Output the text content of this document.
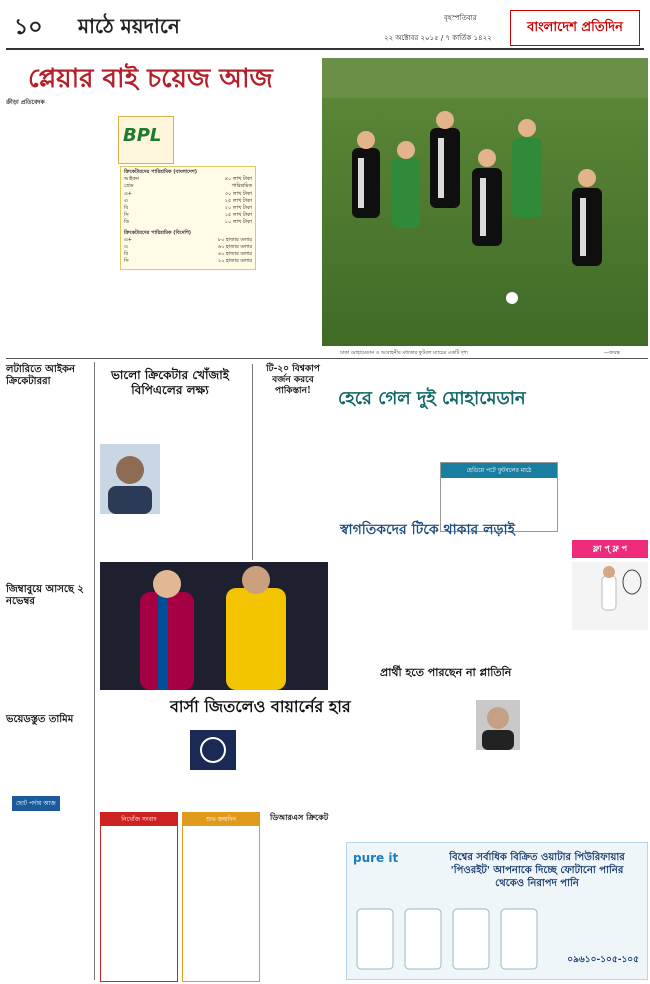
১০ মাঠে ময়দানে	বৃহস্পতিবার
২২ অক্টোবর ২০১৫ / ৭ কার্তিক ১৪২২
বাংলাদেশ প্রতিদিন
প্লেয়ার বাই চয়েজ আজ
ক্রীড়া প্রতিবেদক
BPL
ক্রিকেটারদের পারিশ্রমিক (বাংলাদেশ)
আইকন	৪০ লাখ টাকা
গ্রেড	পারিশ্রমিক
এ+	৩০ লাখ টাকা
এ	২৫ লাখ টাকা
বি	২০ লাখ টাকা
সি	১৫ লাখ টাকা
ডি	১০ লাখ টাকা
ক্রিকেটারদের পারিশ্রমিক (বিদেশি)
এ+	৮০ হাজার ডলার
এ	৬০ হাজার ডলার
বি	৪০ হাজার ডলার
সি	২০ হাজার ডলার
ঢাকা মোহামেডান ও আবাহনীর মধ্যকার ফুটবল ম্যাচের একটি দৃশ্য	—জয়ন্ত
লটারিতে আইকন ক্রিকেটাররা
জিম্বাবুয়ে আসছে ২ নভেম্বর
ভয়েডস্তুত তামিম
ছোট পর্দায় আজ
ভালো ক্রিকেটার খোঁজাই বিপিএলের লক্ষ্য
টি-২০ বিশ্বকাপ বর্জন করবে পাকিস্তান!	হেরে গেল দুই মোহামেডান
হেডিয়ে পটে ফুটবলের মাঠে
ফ্লা প্ ফ্ল প
স্বাগতিকদের টিকে থাকার লড়াই
প্রার্থী হতে পারছেন না প্লাতিনি
বার্সা জিতলেও বায়ার্নের হার
নিখোঁজ সংবাদ	শুভ জন্মদিন	ডিআরএস ক্রিকেট
pure it	বিশ্বের সর্বাধিক বিক্রিত ওয়াটার পিউরিফায়ার 'পিওরইট' আপনাকে দিচ্ছে ফোটানো পানির থেকেও নিরাপদ পানি
০৯৬১০-১০৫-১০৫
